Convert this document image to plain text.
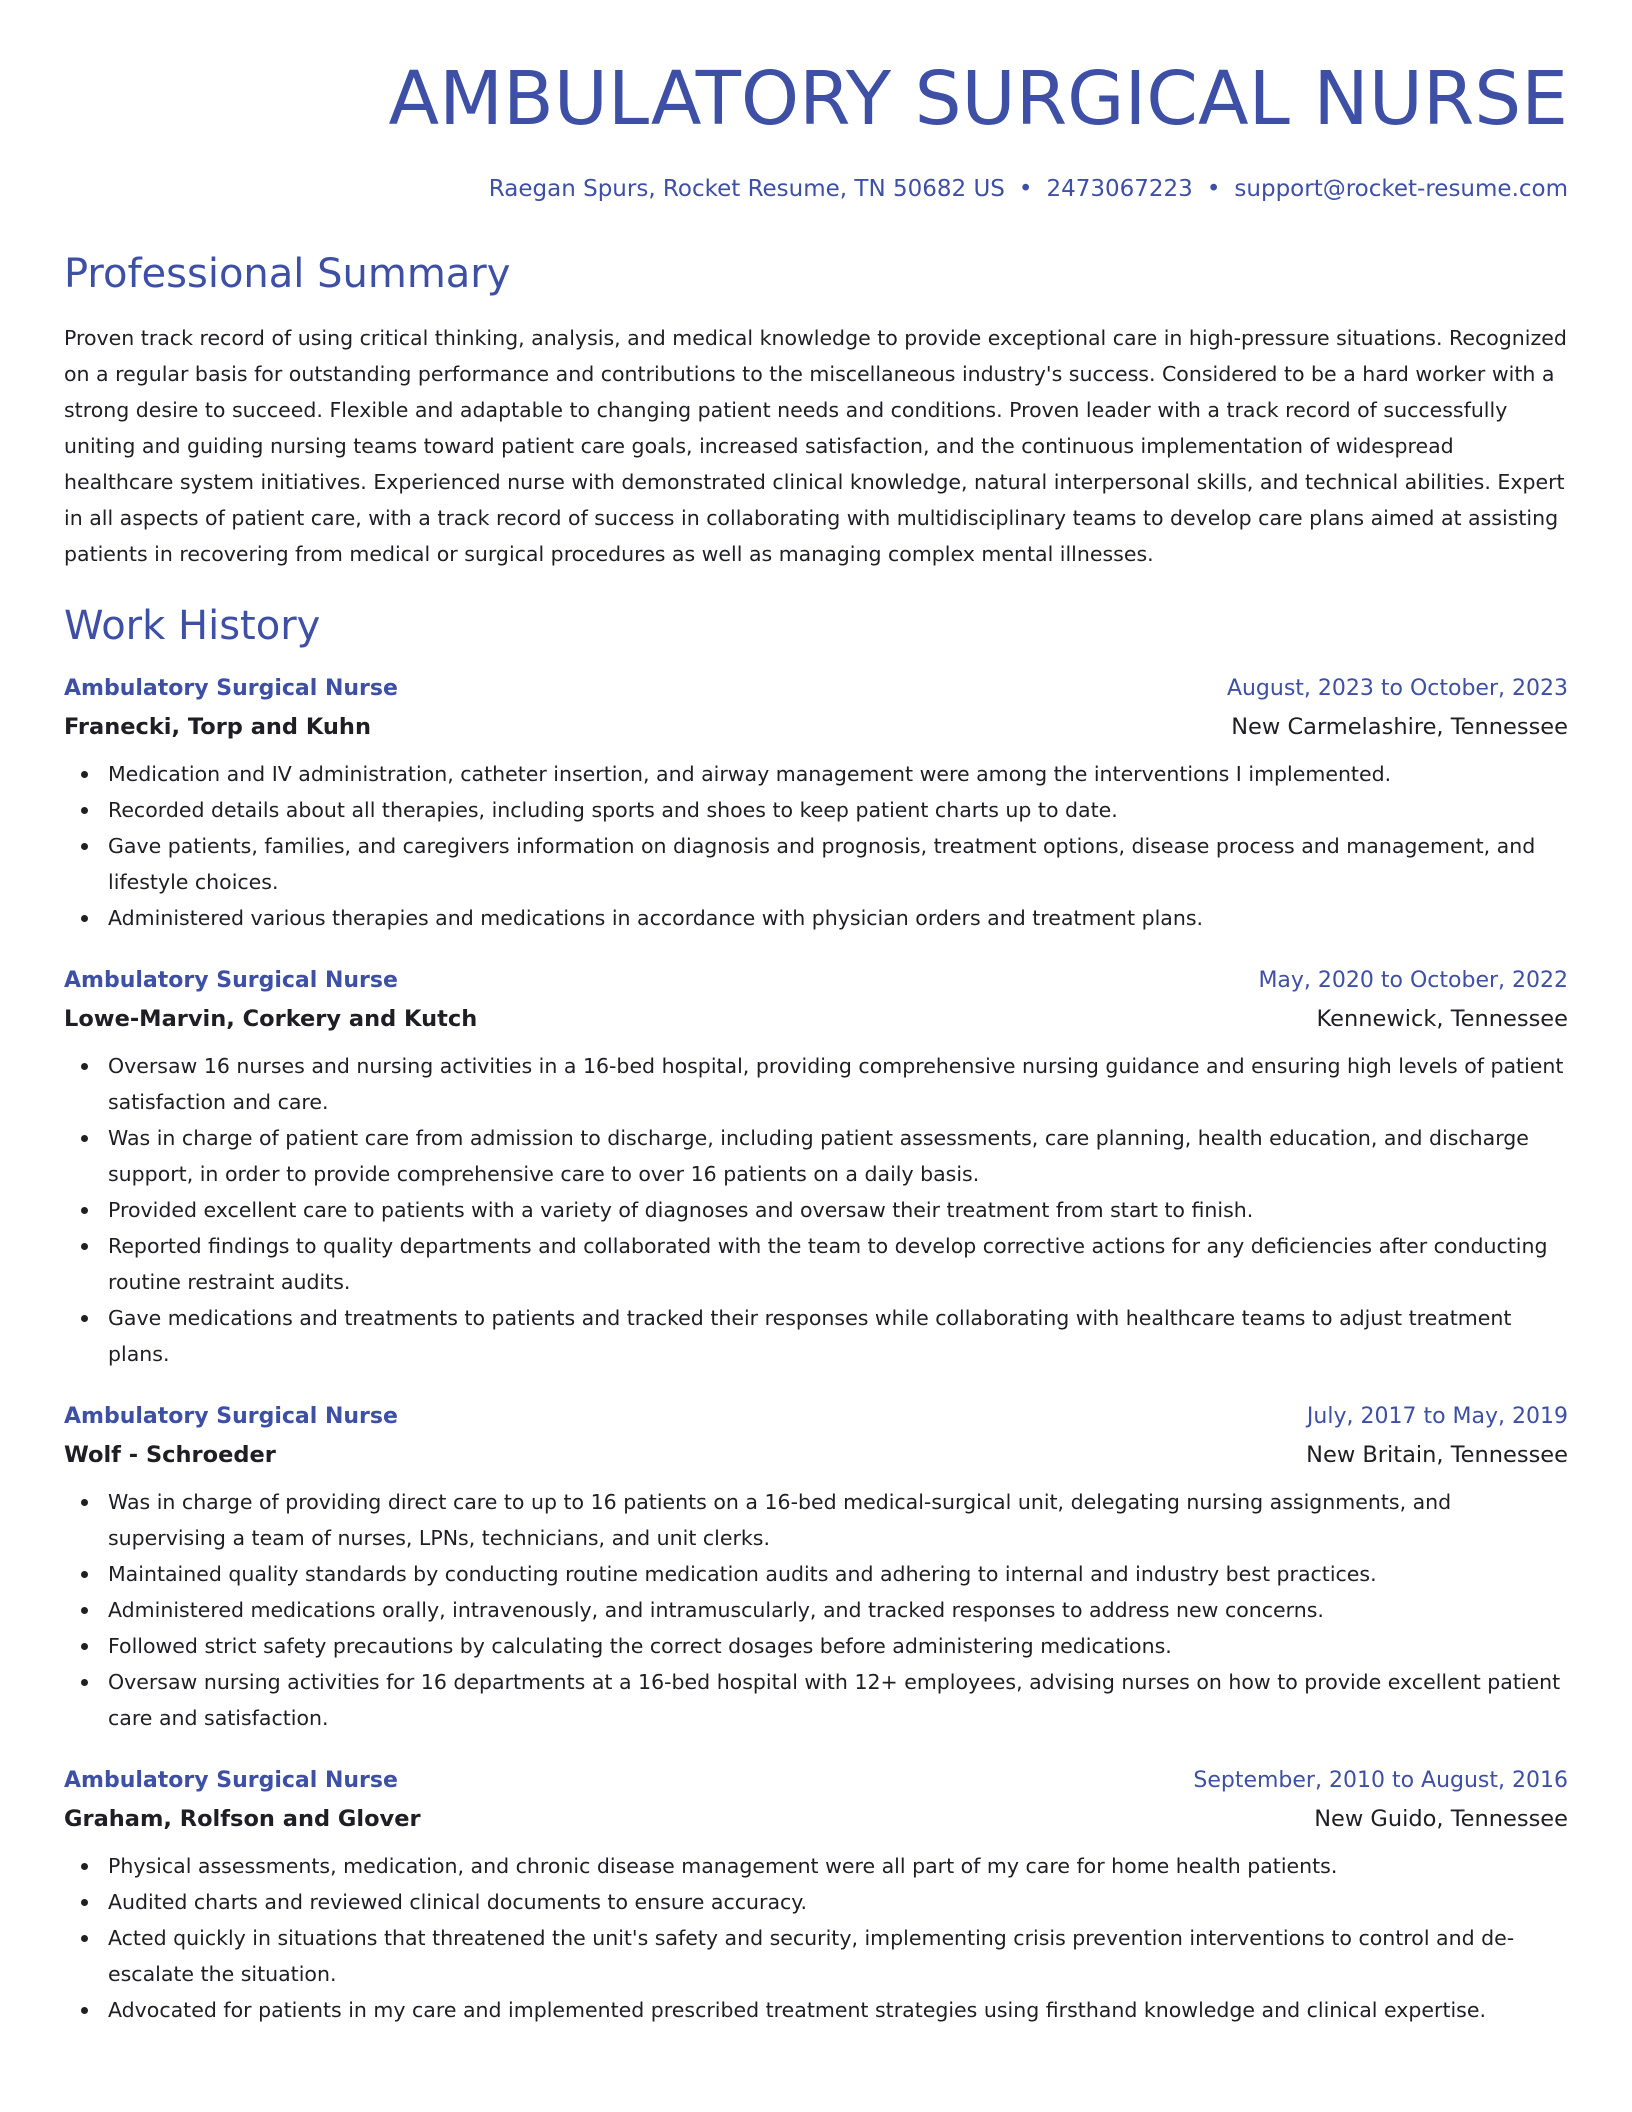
AMBULATORY SURGICAL NURSE
Raegan Spurs, Rocket Resume, TN 50682 US • 2473067223 • support@rocket-resume.com
Professional Summary
Proven track record of using critical thinking, analysis, and medical knowledge to provide exceptional care in high-pressure situations. Recognized on a regular basis for outstanding performance and contributions to the miscellaneous industry's success. Considered to be a hard worker with a strong desire to succeed. Flexible and adaptable to changing patient needs and conditions. Proven leader with a track record of successfully uniting and guiding nursing teams toward patient care goals, increased satisfaction, and the continuous implementation of widespread healthcare system initiatives. Experienced nurse with demonstrated clinical knowledge, natural interpersonal skills, and technical abilities. Expert in all aspects of patient care, with a track record of success in collaborating with multidisciplinary teams to develop care plans aimed at assisting patients in recovering from medical or surgical procedures as well as managing complex mental illnesses.
Work History
Ambulatory Surgical Nurse	August, 2023 to October, 2023
Franecki, Torp and Kuhn	New Carmelashire, Tennessee
Medication and IV administration, catheter insertion, and airway management were among the interventions I implemented.
Recorded details about all therapies, including sports and shoes to keep patient charts up to date.
Gave patients, families, and caregivers information on diagnosis and prognosis, treatment options, disease process and management, and lifestyle choices.
Administered various therapies and medications in accordance with physician orders and treatment plans.
Ambulatory Surgical Nurse	May, 2020 to October, 2022
Lowe-Marvin, Corkery and Kutch	Kennewick, Tennessee
Oversaw 16 nurses and nursing activities in a 16-bed hospital, providing comprehensive nursing guidance and ensuring high levels of patient satisfaction and care.
Was in charge of patient care from admission to discharge, including patient assessments, care planning, health education, and discharge support, in order to provide comprehensive care to over 16 patients on a daily basis.
Provided excellent care to patients with a variety of diagnoses and oversaw their treatment from start to finish.
Reported findings to quality departments and collaborated with the team to develop corrective actions for any deficiencies after conducting routine restraint audits.
Gave medications and treatments to patients and tracked their responses while collaborating with healthcare teams to adjust treatment plans.
Ambulatory Surgical Nurse	July, 2017 to May, 2019
Wolf - Schroeder	New Britain, Tennessee
Was in charge of providing direct care to up to 16 patients on a 16-bed medical-surgical unit, delegating nursing assignments, and supervising a team of nurses, LPNs, technicians, and unit clerks.
Maintained quality standards by conducting routine medication audits and adhering to internal and industry best practices.
Administered medications orally, intravenously, and intramuscularly, and tracked responses to address new concerns.
Followed strict safety precautions by calculating the correct dosages before administering medications.
Oversaw nursing activities for 16 departments at a 16-bed hospital with 12+ employees, advising nurses on how to provide excellent patient care and satisfaction.
Ambulatory Surgical Nurse	September, 2010 to August, 2016
Graham, Rolfson and Glover	New Guido, Tennessee
Physical assessments, medication, and chronic disease management were all part of my care for home health patients.
Audited charts and reviewed clinical documents to ensure accuracy.
Acted quickly in situations that threatened the unit's safety and security, implementing crisis prevention interventions to control and de-escalate the situation.
Advocated for patients in my care and implemented prescribed treatment strategies using firsthand knowledge and clinical expertise.
